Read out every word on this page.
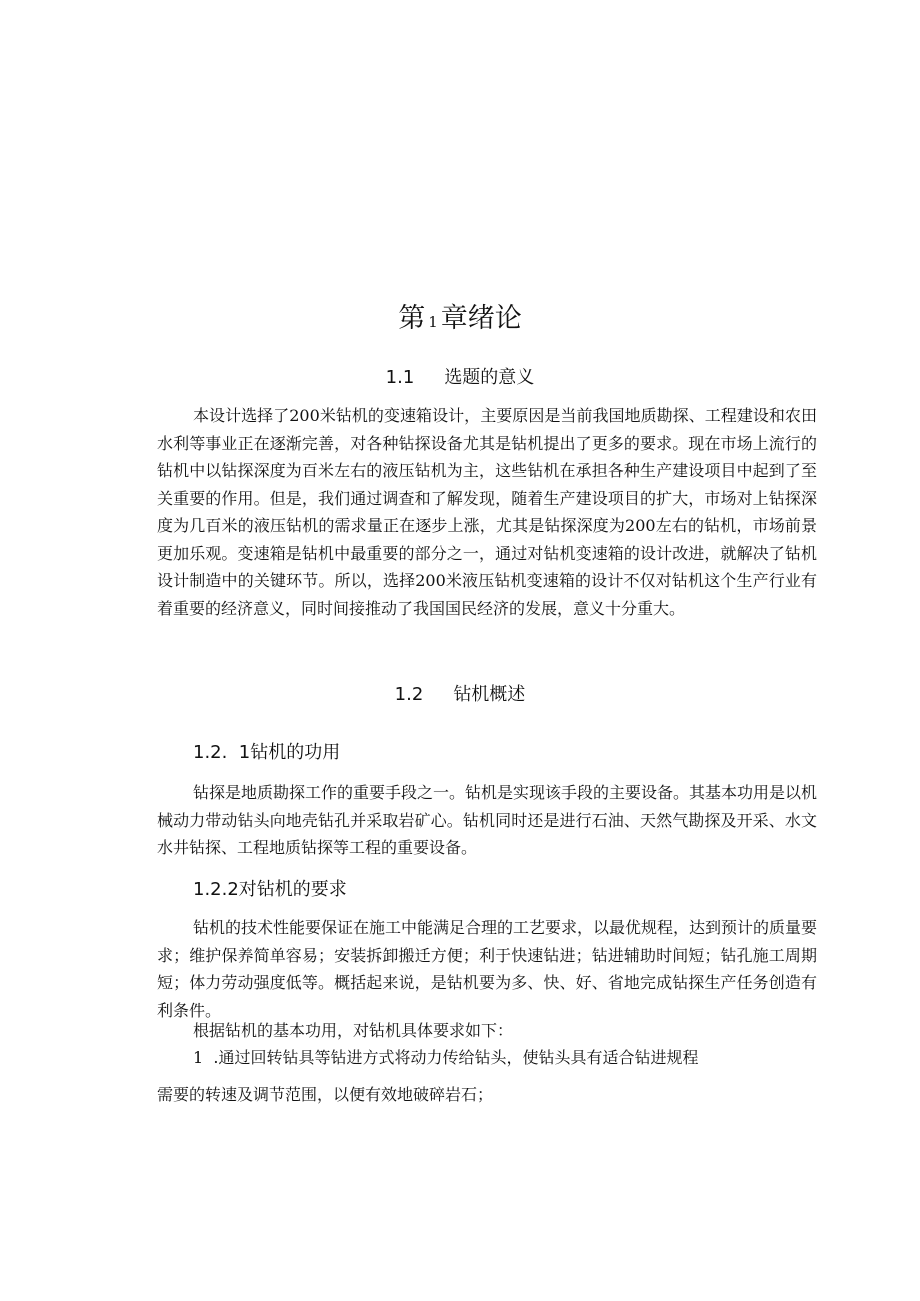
第 1 章绪论
1.1 选题的意义

本设计选择了200米钻机的变速箱设计，主要原因是当前我国地质勘探、工程建设和农田水利等事业正在逐渐完善，对各种钻探设备尤其是钻机提出了更多的要求。现在市场上流行的钻机中以钻探深度为百米左右的液压钻机为主，这些钻机在承担各种生产建设项目中起到了至关重要的作用。但是，我们通过调查和了解发现，随着生产建设项目的扩大，市场对上钻探深度为几百米的液压钻机的需求量正在逐步上涨，尤其是钻探深度为200左右的钻机，市场前景更加乐观。变速箱是钻机中最重要的部分之一，通过对钻机变速箱的设计改进，就解决了钻机设计制造中的关键环节。所以，选择200米液压钻机变速箱的设计不仅对钻机这个生产行业有着重要的经济意义，同时间接推动了我国国民经济的发展，意义十分重大。

1.2 钻机概述
1.2.  1钻机的功用

钻探是地质勘探工作的重要手段之一。钻机是实现该手段的主要设备。其基本功用是以机械动力带动钻头向地壳钻孔并采取岩矿心。钻机同时还是进行石油、天然气勘探及开采、水文水井钻探、工程地质钻探等工程的重要设备。

1.2.2对钻机的要求

钻机的技术性能要保证在施工中能满足合理的工艺要求，以最优规程，达到预计的质量要求；维护保养简单容易；安装拆卸搬迁方便；利于快速钻进；钻进辅助时间短；钻孔施工周期短；体力劳动强度低等。概括起来说，是钻机要为多、快、好、省地完成钻探生产任务创造有利条件。

根据钻机的基本功用，对钻机具体要求如下：
1  .通过回转钻具等钻进方式将动力传给钻头，使钻头具有适合钻进规程
需要的转速及调节范围，以便有效地破碎岩石；
